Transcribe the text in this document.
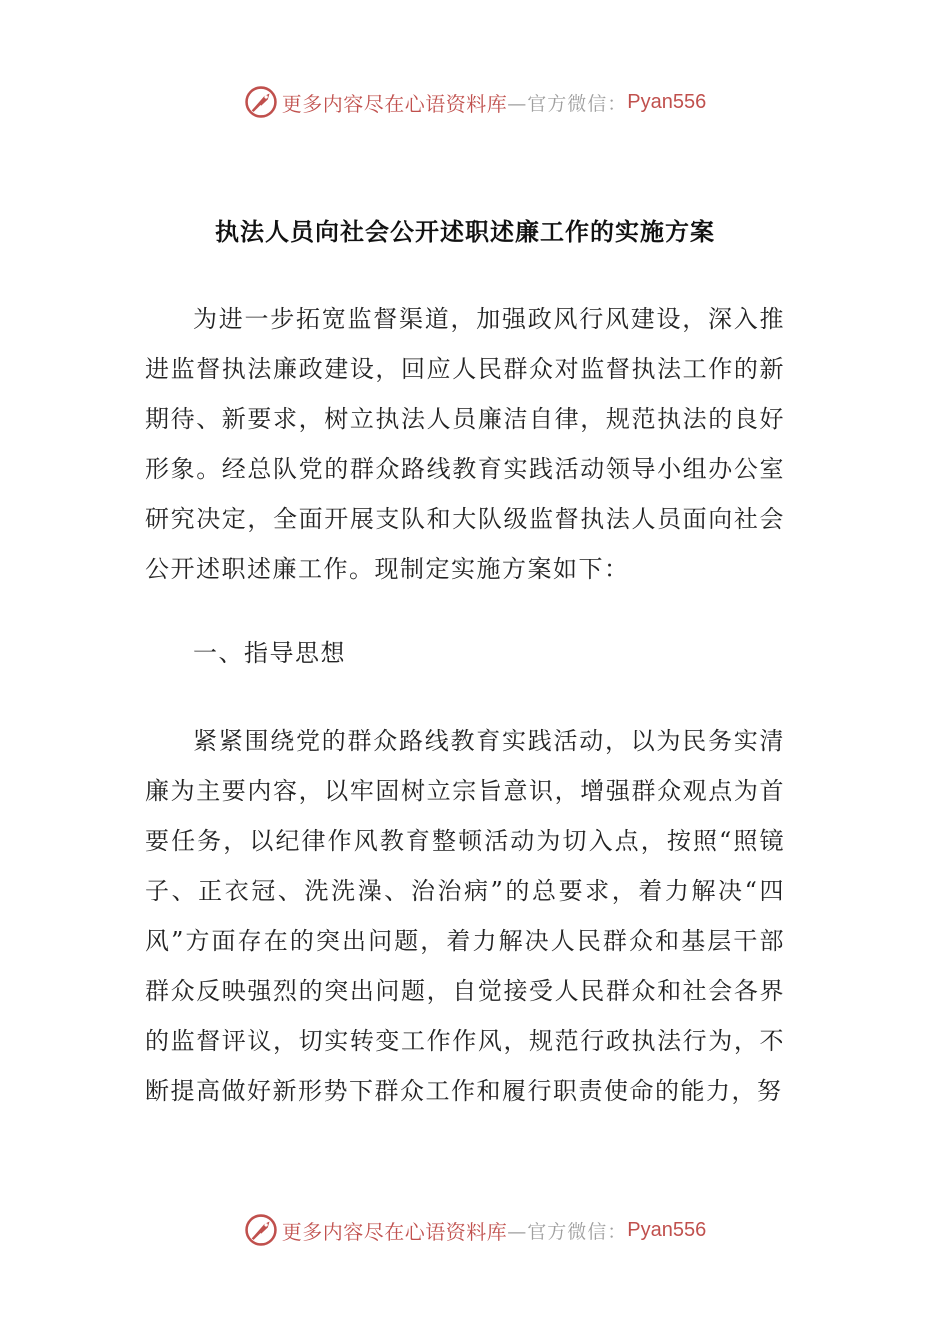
更多内容尽在心语资料库 —官方微信： Pyan556
执法人员向社会公开述职述廉工作的实施方案

为进一步拓宽监督渠道，加强政风行风建设，深入推进监督执法廉政建设，回应人民群众对监督执法工作的新期待、新要求，树立执法人员廉洁自律，规范执法的良好形象。经总队党的群众路线教育实践活动领导小组办公室研究决定，全面开展支队和大队级监督执法人员面向社会公开述职述廉工作。现制定实施方案如下：

一、指导思想

紧紧围绕党的群众路线教育实践活动，以为民务实清廉为主要内容，以牢固树立宗旨意识，增强群众观点为首要任务，以纪律作风教育整顿活动为切入点，按照“照镜子、正衣冠、洗洗澡、治治病”的总要求，着力解决“四风”方面存在的突出问题，着力解决人民群众和基层干部群众反映强烈的突出问题，自觉接受人民群众和社会各界的监督评议，切实转变工作作风，规范行政执法行为，不断提高做好新形势下群众工作和履行职责使命的能力，努

更多内容尽在心语资料库 —官方微信： Pyan556
